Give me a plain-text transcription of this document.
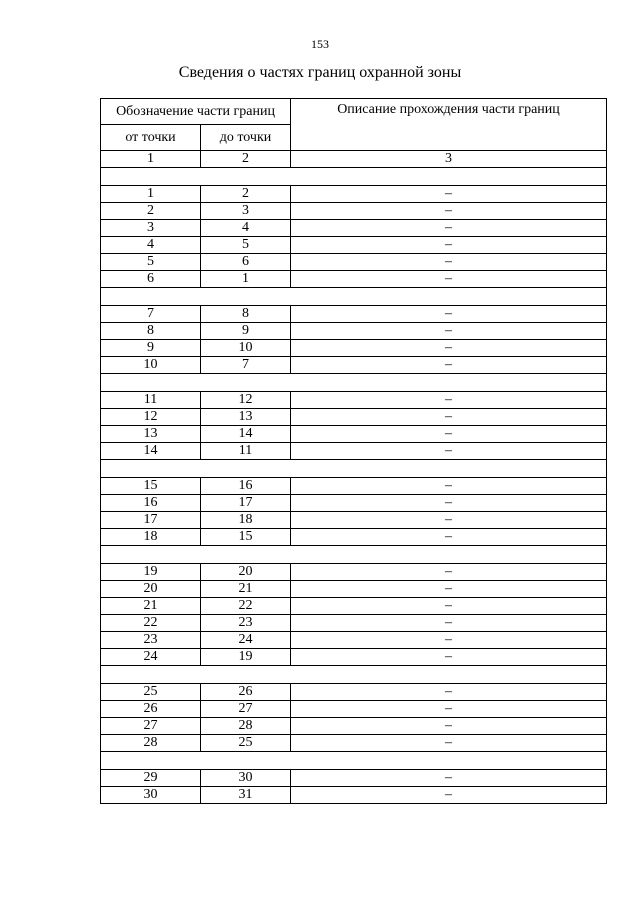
153
Сведения о частях границ охранной зоны
Обозначение части границ		Описание прохождения части границ
от точки	до точки	
1	2	3

1	2	–
2	3	–
3	4	–
4	5	–
5	6	–
6	1	–

7	8	–
8	9	–
9	10	–
10	7	–

11	12	–
12	13	–
13	14	–
14	11	–

15	16	–
16	17	–
17	18	–
18	15	–

19	20	–
20	21	–
21	22	–
22	23	–
23	24	–
24	19	–

25	26	–
26	27	–
27	28	–
28	25	–

29	30	–
30	31	–
